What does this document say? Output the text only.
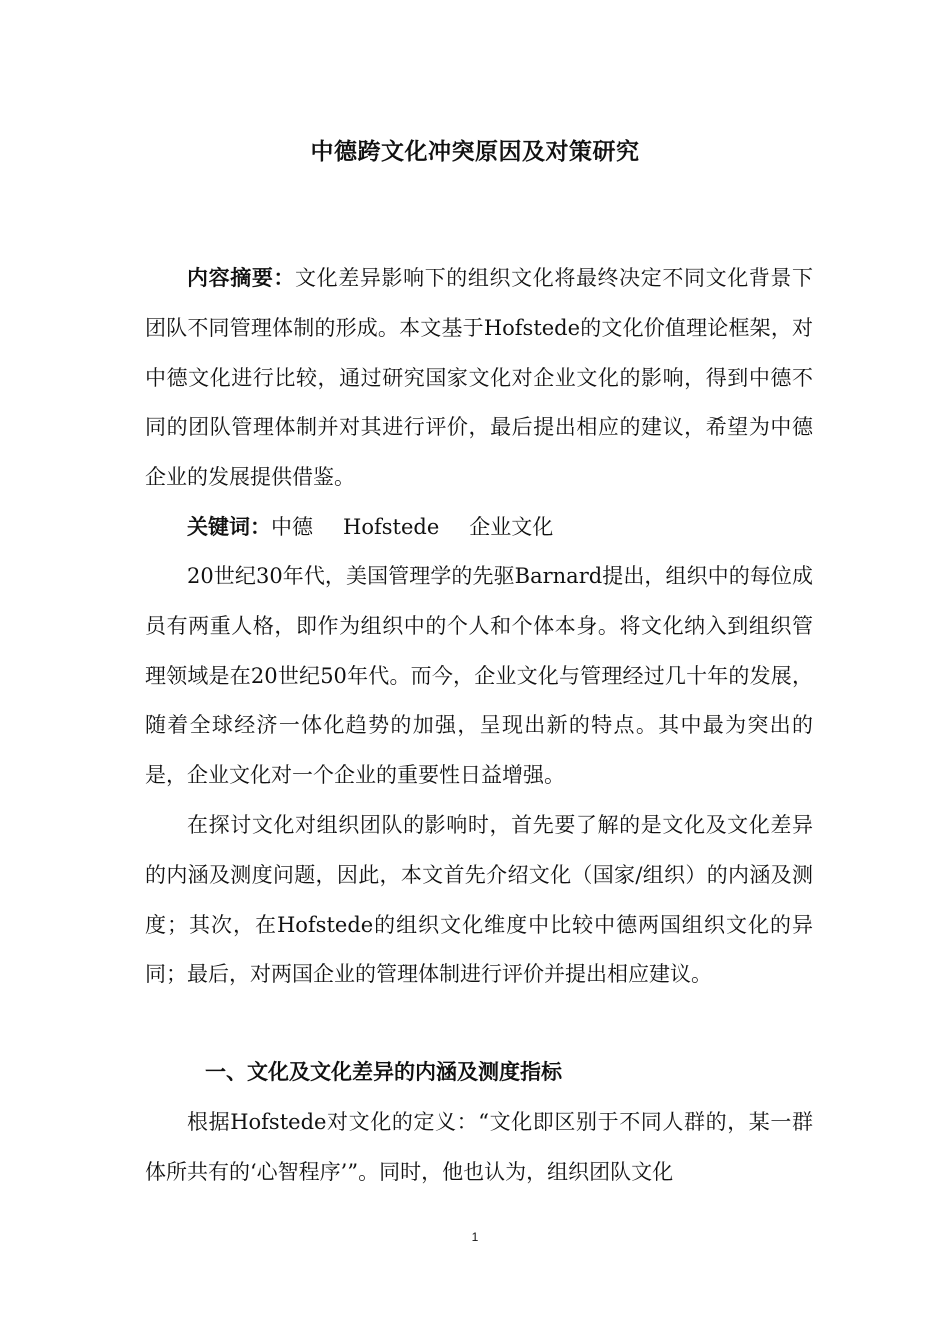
中德跨文化冲突原因及对策研究

内容摘要：文化差异影响下的组织文化将最终决定不同文化背景下团队不同管理体制的形成。本文基于Hofstede的文化价值理论框架，对中德文化进行比较，通过研究国家文化对企业文化的影响，得到中德不同的团队管理体制并对其进行评价，最后提出相应的建议，希望为中德企业的发展提供借鉴。

关键词：中德 Hofstede 企业文化

20世纪30年代，美国管理学的先驱Barnard提出，组织中的每位成员有两重人格，即作为组织中的个人和个体本身。将文化纳入到组织管理领域是在20世纪50年代。而今，企业文化与管理经过几十年的发展，随着全球经济一体化趋势的加强，呈现出新的特点。其中最为突出的是，企业文化对一个企业的重要性日益增强。

在探讨文化对组织团队的影响时，首先要了解的是文化及文化差异的内涵及测度问题，因此，本文首先介绍文化（国家/组织）的内涵及测度；其次，在Hofstede的组织文化维度中比较中德两国组织文化的异同；最后，对两国企业的管理体制进行评价并提出相应建议。

一、文化及文化差异的内涵及测度指标

根据Hofstede对文化的定义：“文化即区别于不同人群的，某一群体所共有的‘心智程序’”。同时，他也认为，组织团队文化

1
